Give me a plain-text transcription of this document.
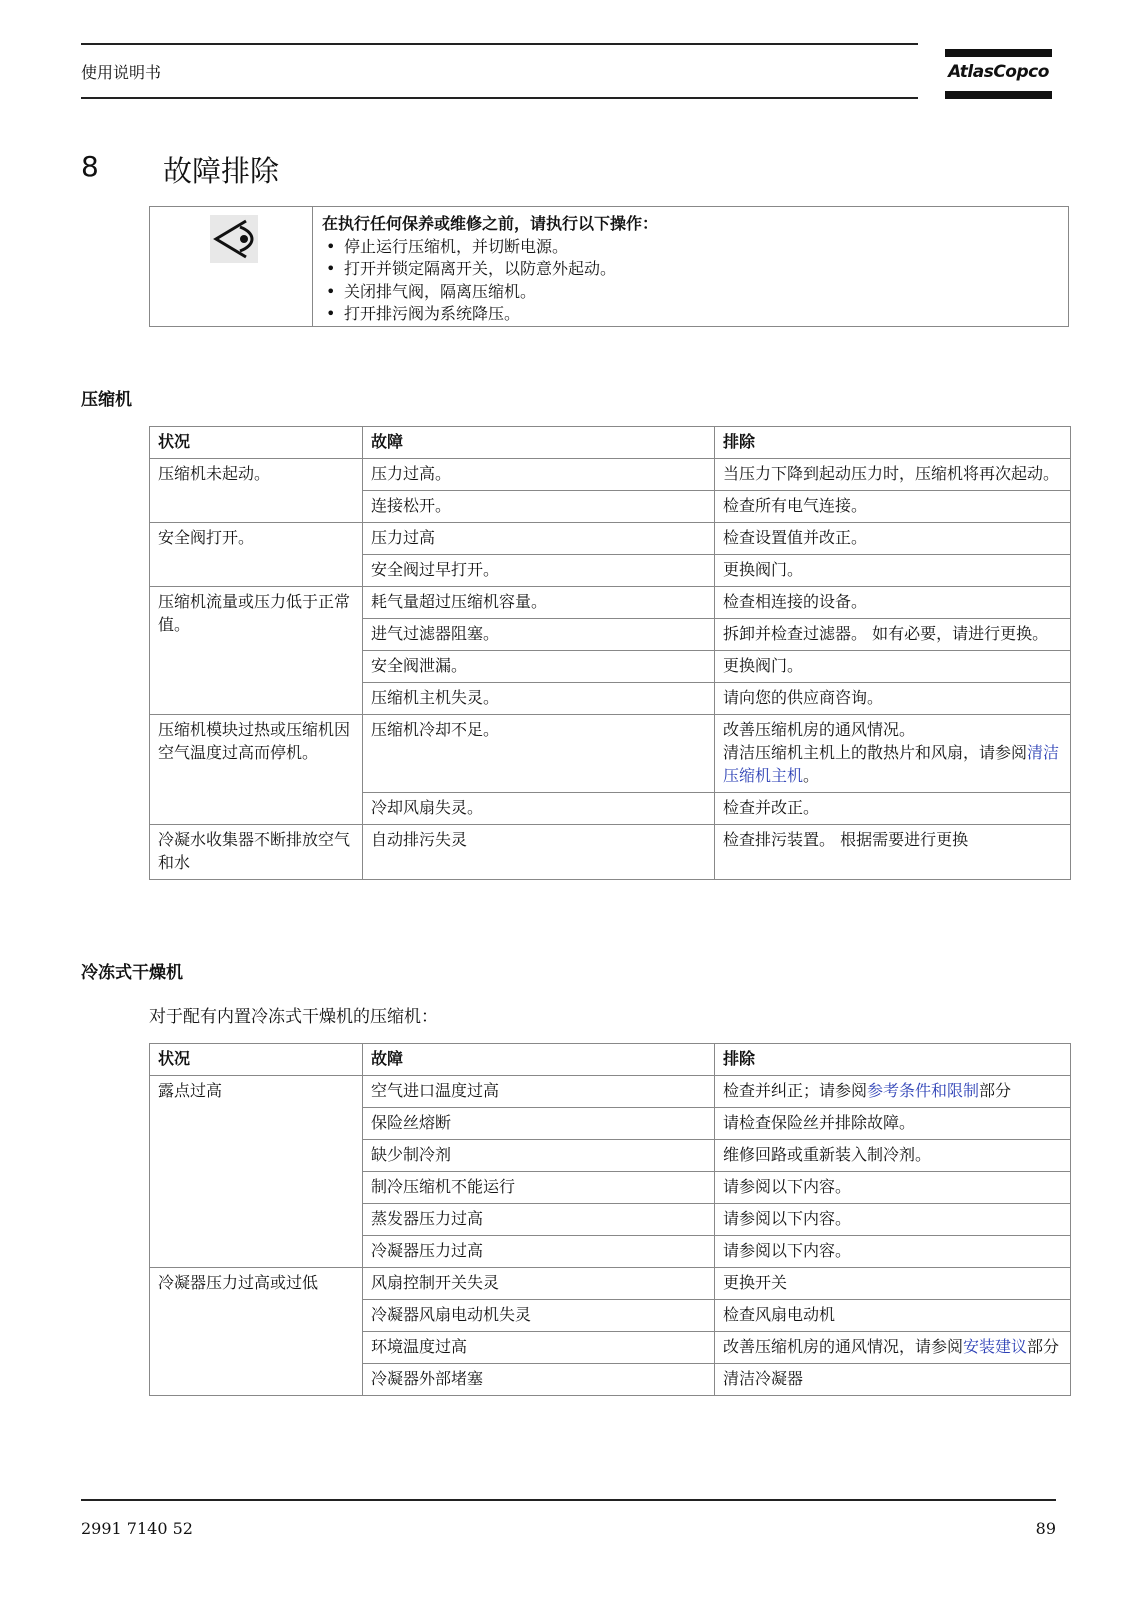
使用说明书	AtlasCopco
8 故障排除
在执行任何保养或维修之前，请执行以下操作：
• 停止运行压缩机，并切断电源。
• 打开并锁定隔离开关，以防意外起动。
• 关闭排气阀，隔离压缩机。
• 打开排污阀为系统降压。
压缩机
状况	故障	排除
压缩机未起动。	压力过高。	当压力下降到起动压力时，压缩机将再次起动。
	连接松开。	检查所有电气连接。
安全阀打开。	压力过高	检查设置值并改正。
	安全阀过早打开。	更换阀门。
压缩机流量或压力低于正常值。	耗气量超过压缩机容量。	检查相连接的设备。
	进气过滤器阻塞。	拆卸并检查过滤器。 如有必要，请进行更换。
	安全阀泄漏。	更换阀门。
	压缩机主机失灵。	请向您的供应商咨询。
压缩机模块过热或压缩机因空气温度过高而停机。	压缩机冷却不足。	改善压缩机房的通风情况。
清洁压缩机主机上的散热片和风扇，请参阅清洁压缩机主机。

	冷却风扇失灵。	检查并改正。
冷凝水收集器不断排放空气和水	自动排污失灵	检查排污装置。 根据需要进行更换
冷冻式干燥机
对于配有内置冷冻式干燥机的压缩机：
状况	故障	排除
露点过高	空气进口温度过高	检查并纠正；请参阅参考条件和限制部分
	保险丝熔断	请检查保险丝并排除故障。
	缺少制冷剂	维修回路或重新装入制冷剂。
	制冷压缩机不能运行	请参阅以下内容。
	蒸发器压力过高	请参阅以下内容。
	冷凝器压力过高	请参阅以下内容。
冷凝器压力过高或过低	风扇控制开关失灵	更换开关
	冷凝器风扇电动机失灵	检查风扇电动机
	环境温度过高	改善压缩机房的通风情况，请参阅安装建议部分
	冷凝器外部堵塞	清洁冷凝器
2991 7140 52	89
